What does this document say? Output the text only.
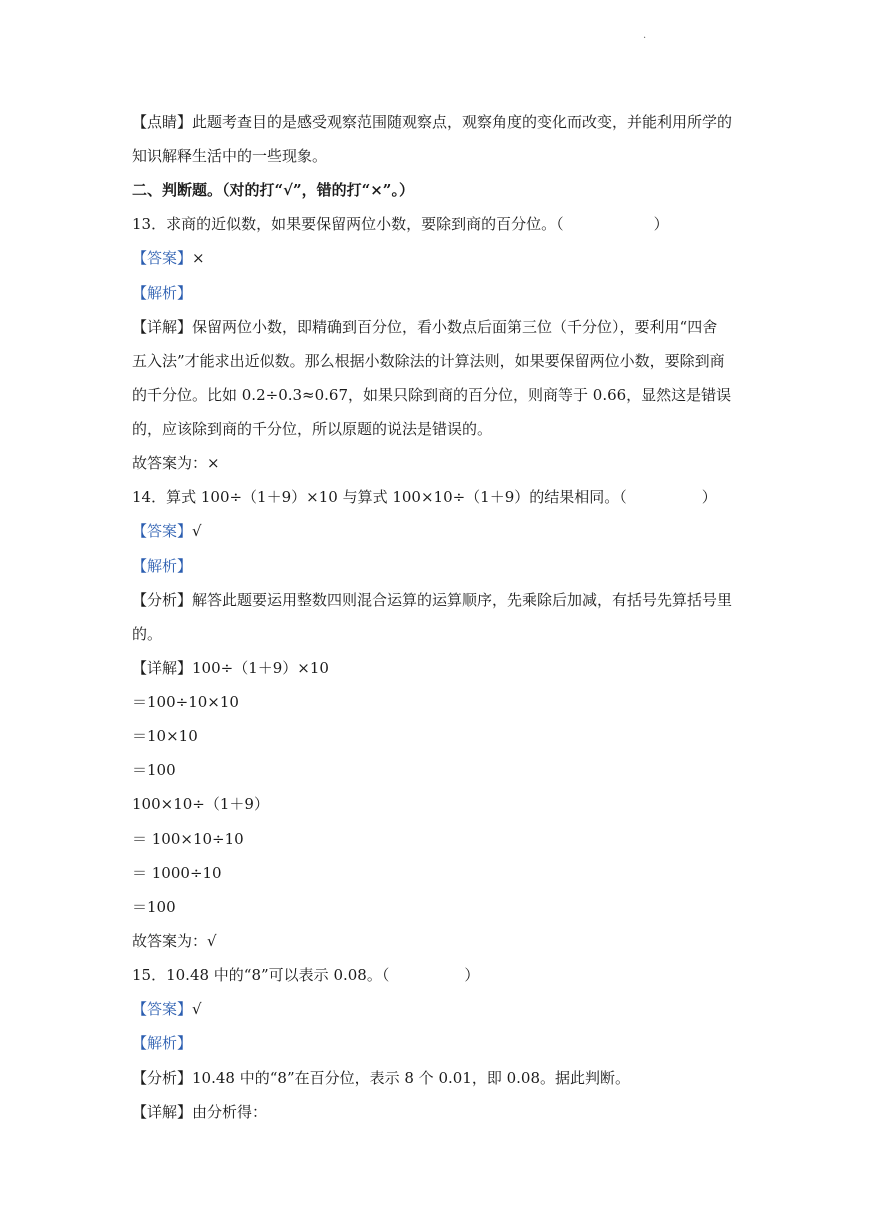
.
【点睛】此题考查目的是感受观察范围随观察点，观察角度的变化而改变，并能利用所学的
知识解释生活中的一些现象。
二、判断题。（对的打“√”，错的打“×”。）
13．求商的近似数，如果要保留两位小数，要除到商的百分位。（　　　　　　）
【答案】×
【解析】
【详解】保留两位小数，即精确到百分位，看小数点后面第三位（千分位），要利用“四舍
五入法”才能求出近似数。那么根据小数除法的计算法则，如果要保留两位小数，要除到商
的千分位。比如 0.2÷0.3≈0.67，如果只除到商的百分位，则商等于 0.66，显然这是错误
的，应该除到商的千分位，所以原题的说法是错误的。
故答案为：×
14．算式 100÷（1＋9）×10 与算式 100×10÷（1＋9）的结果相同。（　　　　　）
【答案】√
【解析】
【分析】解答此题要运用整数四则混合运算的运算顺序，先乘除后加减，有括号先算括号里
的。
【详解】100÷（1＋9）×10
＝100÷10×10
＝10×10
＝100
100×10÷（1＋9）
＝ 100×10÷10
＝ 1000÷10
＝100
故答案为：√
15．10.48 中的“8”可以表示 0.08。（　　　　　）
【答案】√
【解析】
【分析】10.48 中的“8”在百分位，表示 8 个 0.01，即 0.08。据此判断。
【详解】由分析得：
